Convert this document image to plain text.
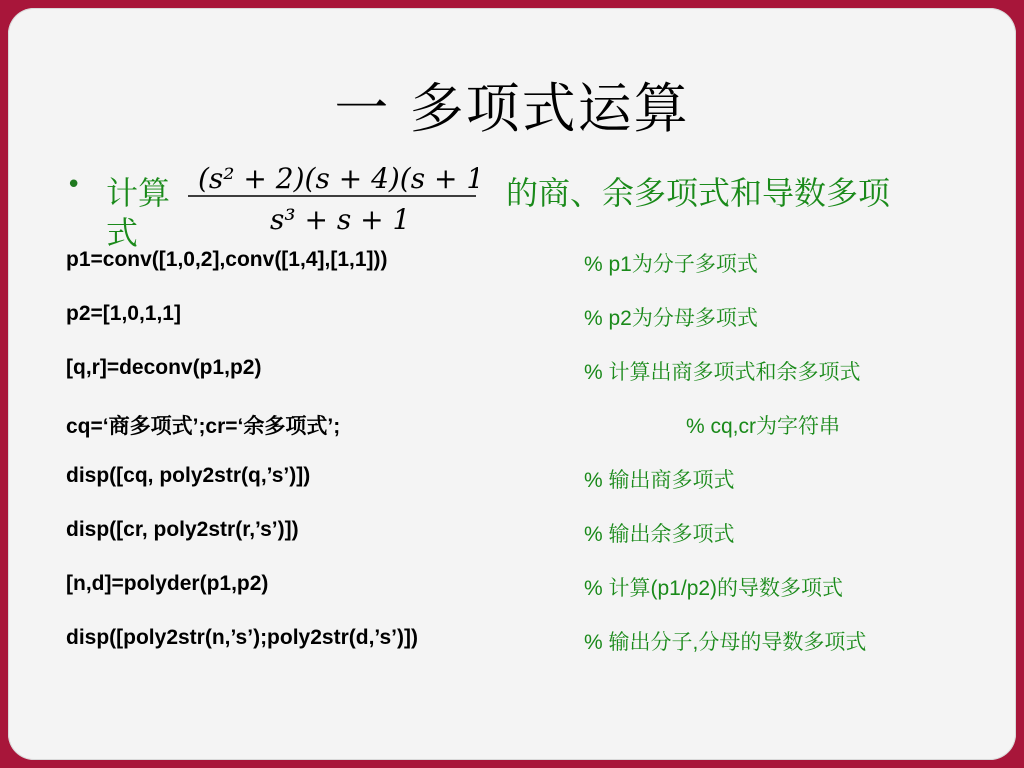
一 多项式运算
• 计算 (s² + 2)(s + 4)(s + 1)
s³ + s + 1
的商、余多项式和导数多项
式
p1=conv([1,0,2],conv([1,4],[1,1]))	% p1为分子多项式
p2=[1,0,1,1]	% p2为分母多项式
[q,r]=deconv(p1,p2)	% 计算出商多项式和余多项式
cq=‘商多项式’;cr=‘余多项式’;	% cq,cr为字符串
disp([cq, poly2str(q,’s’)])	% 输出商多项式
disp([cr, poly2str(r,’s’)])	% 输出余多项式
[n,d]=polyder(p1,p2)	% 计算(p1/p2)的导数多项式
disp([poly2str(n,’s’);poly2str(d,’s’)])	% 输出分子,分母的导数多项式
